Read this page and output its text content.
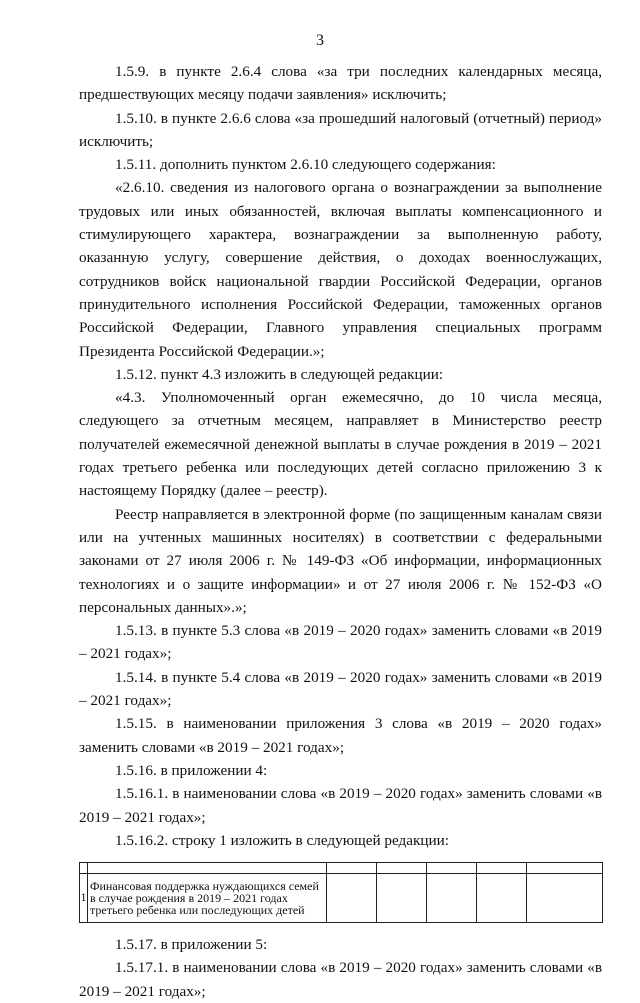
3

1.5.9. в пункте 2.6.4 слова «за три последних календарных месяца, предшествующих месяцу подачи заявления» исключить;

1.5.10. в пункте 2.6.6 слова «за прошедший налоговый (отчетный) период» исключить;

1.5.11. дополнить пунктом 2.6.10 следующего содержания:

«2.6.10. сведения из налогового органа о вознаграждении за выполнение трудовых или иных обязанностей, включая выплаты компенсационного и стимулирующего характера, вознаграждении за выполненную работу, оказанную услугу, совершение действия, о доходах военнослужащих, сотрудников войск национальной гвардии Российской Федерации, органов принудительного исполнения Российской Федерации, таможенных органов Российской Федерации, Главного управления специальных программ Президента Российской Федерации.»;

1.5.12. пункт 4.3 изложить в следующей редакции:

«4.3. Уполномоченный орган ежемесячно, до 10 числа месяца, следующего за отчетным месяцем, направляет в Министерство реестр получателей ежемесячной денежной выплаты в случае рождения в 2019 – 2021 годах третьего ребенка или последующих детей согласно приложению 3 к настоящему Порядку (далее – реестр).

Реестр направляется в электронной форме (по защищенным каналам связи или на учтенных машинных носителях) в соответствии с федеральными законами от 27 июля 2006 г. № 149-ФЗ «Об информации, информационных технологиях и о защите информации» и от 27 июля 2006 г. № 152-ФЗ «О персональных данных».»;

1.5.13. в пункте 5.3 слова «в 2019 – 2020 годах» заменить словами «в 2019 – 2021 годах»;

1.5.14. в пункте 5.4 слова «в 2019 – 2020 годах» заменить словами «в 2019 – 2021 годах»;

1.5.15. в наименовании приложения 3 слова «в 2019 – 2020 годах» заменить словами «в 2019 – 2021 годах»;

1.5.16. в приложении 4:

1.5.16.1. в наименовании слова «в 2019 – 2020 годах» заменить словами «в 2019 – 2021 годах»;

1.5.16.2. строку 1 изложить в следующей редакции:

1	Финансовая поддержка нуждающихся семей в случае рождения в 2019 – 2021 годах третьего ребенка или последующих детей					

1.5.17. в приложении 5:

1.5.17.1. в наименовании слова «в 2019 – 2020 годах» заменить словами «в 2019 – 2021 годах»;
